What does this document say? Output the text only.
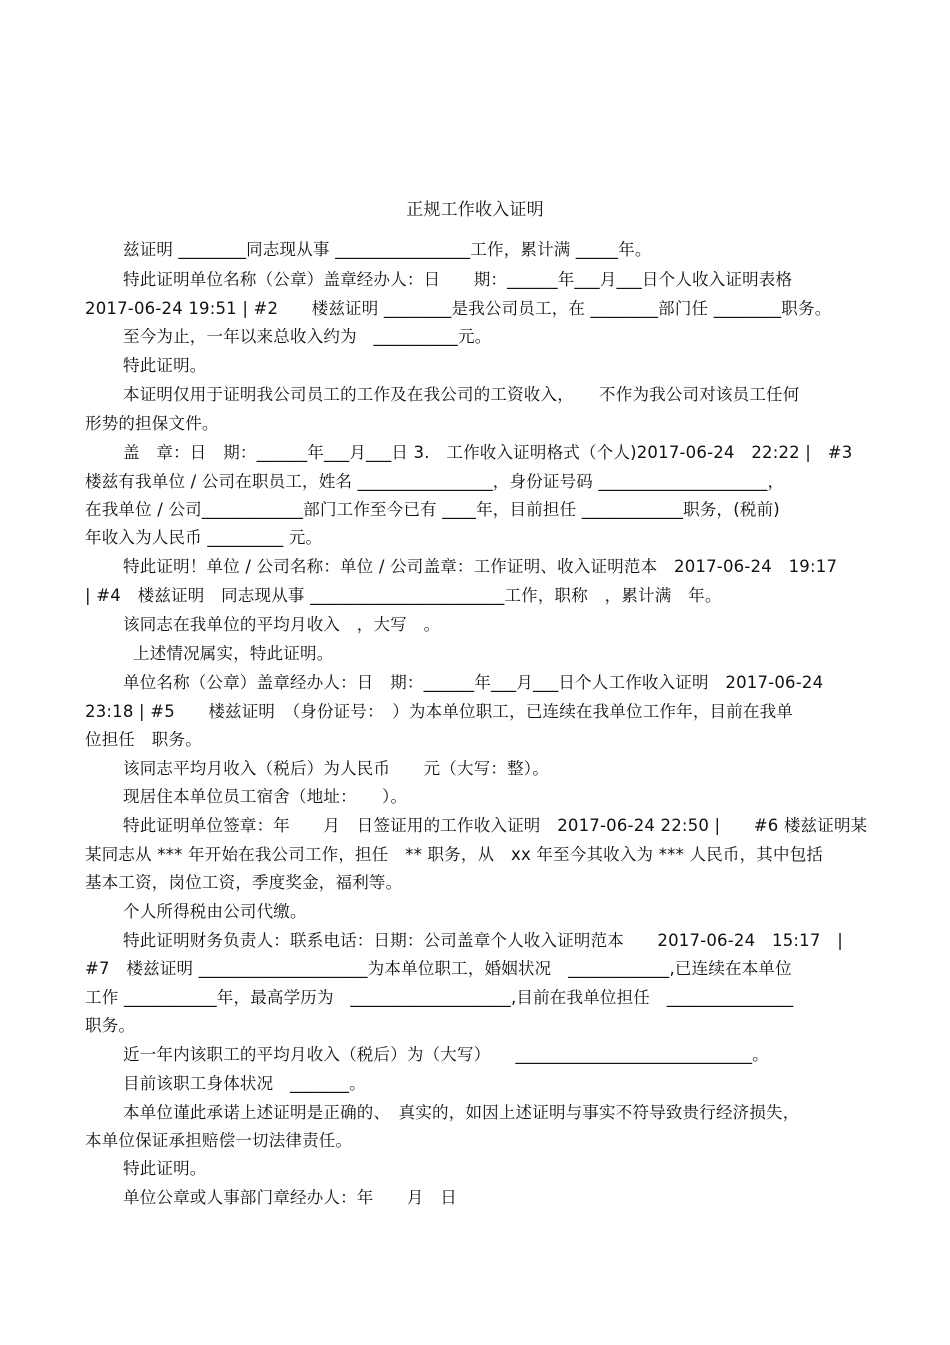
正规工作收入证明
兹证明 ________同志现从事 ________________工作，累计满 _____年。
特此证明单位名称（公章）盖章经办人：日　　期：______年___月___日个人收入证明表格
2017-06-24 19:51 | #2　　楼兹证明 ________是我公司员工，在 ________部门任 ________职务。
至今为止，一年以来总收入约为　__________元。
特此证明。
本证明仅用于证明我公司员工的工作及在我公司的工资收入，　　不作为我公司对该员工任何
形势的担保文件。
盖　章：日　期：______年___月___日 3.　工作收入证明格式（个人)2017-06-24　22:22 |　#3
楼兹有我单位 / 公司在职员工，姓名 ________________，身份证号码 ____________________，
在我单位 / 公司____________部门工作至今已有 ____年，目前担任 ____________职务，(税前)
年收入为人民币 _________ 元。
特此证明！单位 / 公司名称：单位 / 公司盖章：工作证明、收入证明范本　2017-06-24　19:17
| #4　楼兹证明　同志现从事 _______________________工作，职称　，累计满　年。
该同志在我单位的平均月收入　，大写　。
上述情况属实，特此证明。
单位名称（公章）盖章经办人：日　期：______年___月___日个人工作收入证明　2017-06-24
23:18 | #5　　楼兹证明　（身份证号：　）为本单位职工，已连续在我单位工作年，目前在我单
位担任　职务。
该同志平均月收入（税后）为人民币　　元（大写：整）。
现居住本单位员工宿舍（地址：　　）。
特此证明单位签章：年　　月　日签证用的工作收入证明　2017-06-24 22:50 |　　#6 楼兹证明某
某同志从 *** 年开始在我公司工作，担任　** 职务，从　xx 年至今其收入为 *** 人民币，其中包括
基本工资，岗位工资，季度奖金，福利等。
个人所得税由公司代缴。
特此证明财务负责人：联系电话：日期：公司盖章个人收入证明范本　　2017-06-24　15:17　|
#7　楼兹证明 ____________________为本单位职工，婚姻状况　____________,已连续在本单位
工作 ___________年，最高学历为　___________________,目前在我单位担任　_______________
职务。
近一年内该职工的平均月收入（税后）为（大写）　　____________________________。
目前该职工身体状况　_______。
本单位谨此承诺上述证明是正确的、　真实的，如因上述证明与事实不符导致贵行经济损失，
本单位保证承担赔偿一切法律责任。
特此证明。
单位公章或人事部门章经办人：年　　月　日
